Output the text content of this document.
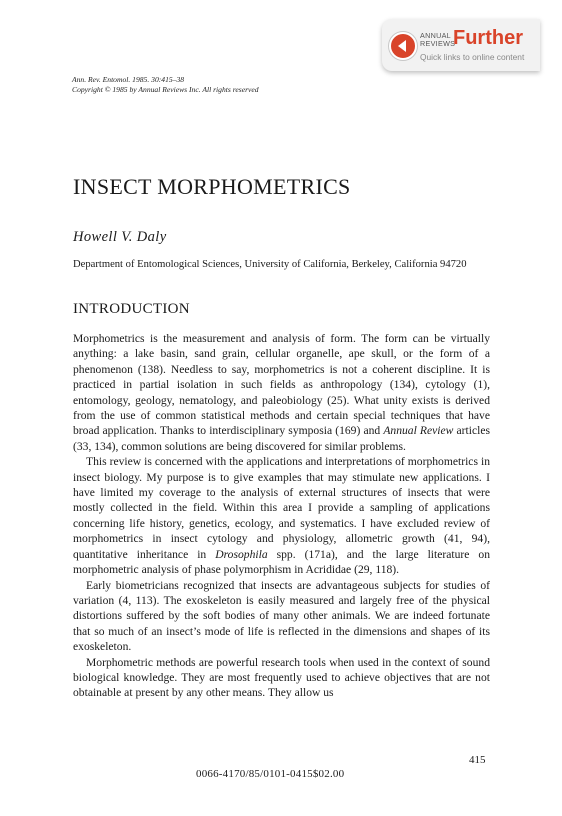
ANNUAL
REVIEWS
Further
Quick links to online content
Ann. Rev. Entomol. 1985. 30:415–38
Copyright © 1985 by Annual Reviews Inc. All rights reserved
INSECT MORPHOMETRICS
Howell V. Daly
Department of Entomological Sciences, University of California, Berkeley, California 94720
INTRODUCTION

Morphometrics is the measurement and analysis of form. The form can be virtually anything: a lake basin, sand grain, cellular organelle, ape skull, or the form of a phenomenon (138). Needless to say, morphometrics is not a coherent discipline. It is practiced in partial isolation in such fields as anthropology (134), cytology (1), entomology, geology, nematology, and paleobiology (25). What unity exists is derived from the use of common statistical methods and certain special techniques that have broad application. Thanks to interdisciplinary symposia (169) and Annual Review articles (33, 134), common solutions are being discovered for similar problems.

This review is concerned with the applications and interpretations of morphometrics in insect biology. My purpose is to give examples that may stimulate new applications. I have limited my coverage to the analysis of external structures of insects that were mostly collected in the field. Within this area I provide a sampling of applications concerning life history, genetics, ecology, and systematics. I have excluded review of morphometrics in insect cytology and physiology, allometric growth (41, 94), quantitative inheritance in Drosophila spp. (171a), and the large literature on morphometric analysis of phase polymorphism in Acrididae (29, 118).

Early biometricians recognized that insects are advantageous subjects for studies of variation (4, 113). The exoskeleton is easily measured and largely free of the physical distortions suffered by the soft bodies of many other animals. We are indeed fortunate that so much of an insect’s mode of life is reflected in the dimensions and shapes of its exoskeleton.

Morphometric methods are powerful research tools when used in the context of sound biological knowledge. They are most frequently used to achieve objectives that are not obtainable at present by any other means. They allow us

415
0066-4170/85/0101-0415$02.00
